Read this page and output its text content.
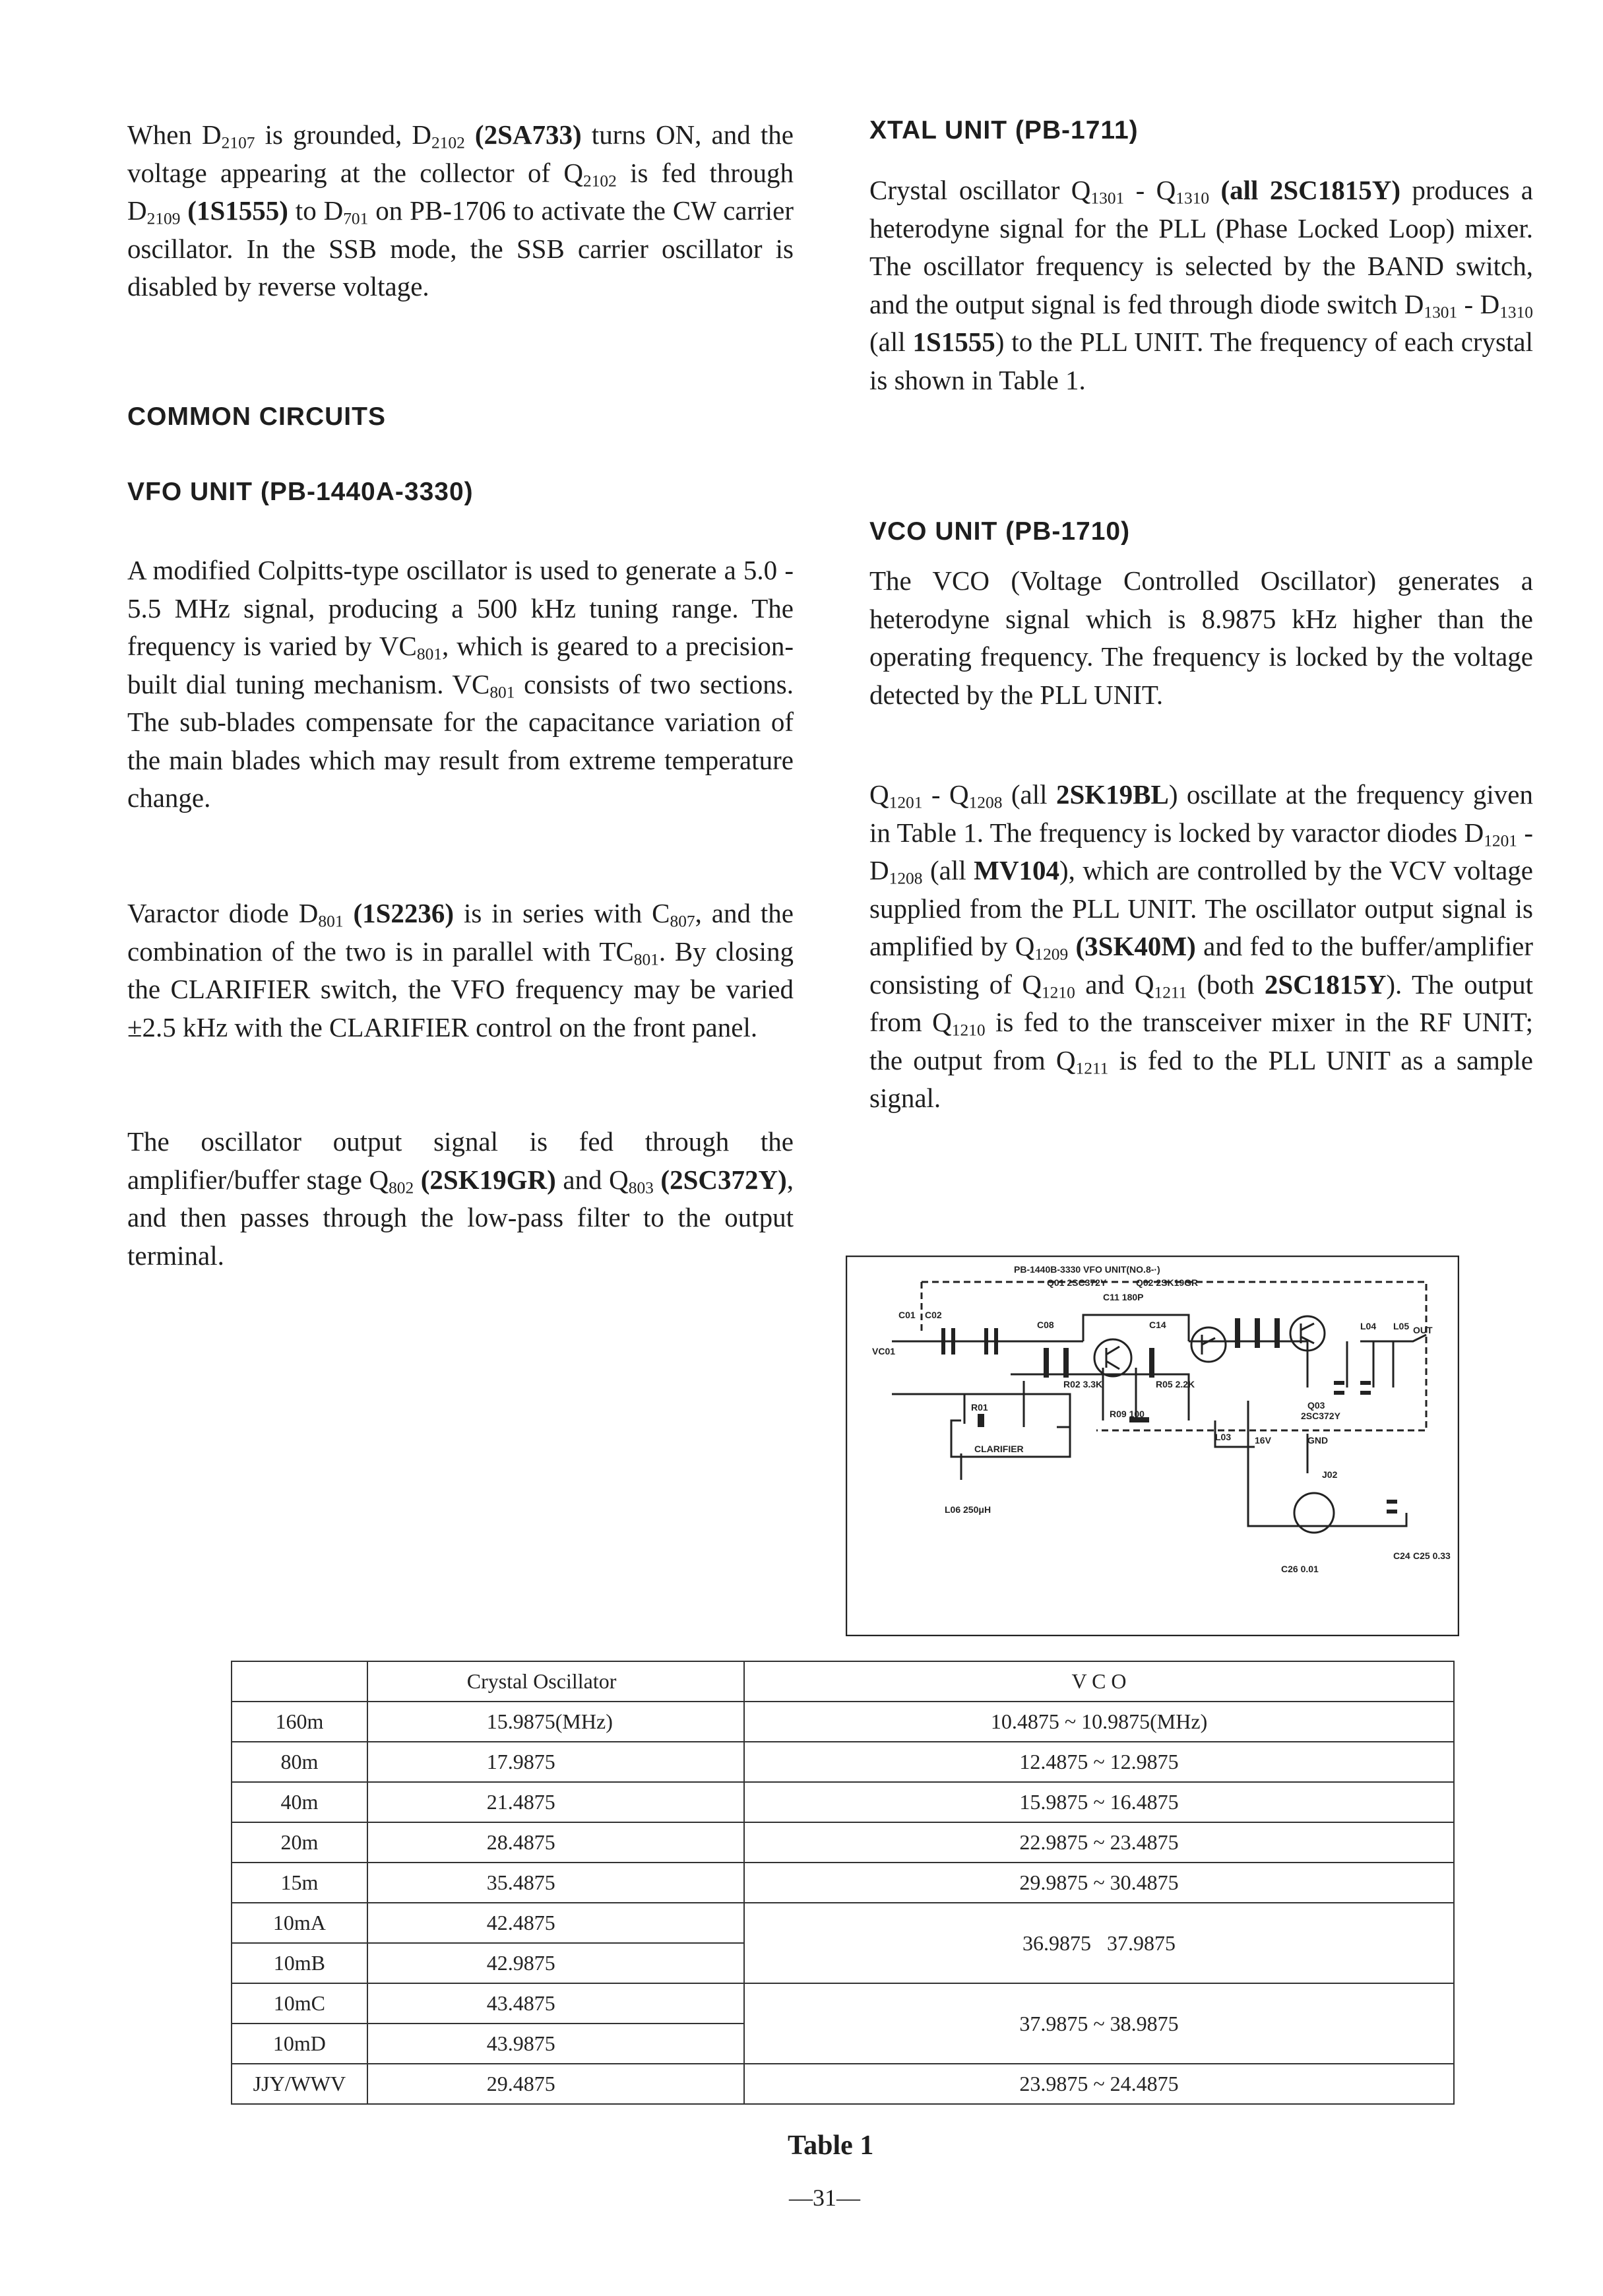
When $D_{2107}$ is grounded, $D_{2102}$ (2SA733) turns ON, and the voltage appearing at the collector of $Q_{2102}$ is fed through $D_{2109}$ (1S1555) to $D_{701}$ on PB-1706 to activate the CW carrier oscillator. In the SSB mode, the SSB carrier oscillator is disabled by reverse voltage.

COMMON CIRCUITS
VFO UNIT (PB-1440A-3330)

A modified Colpitts-type oscillator is used to generate a 5.0 - 5.5 MHz signal, producing a 500 kHz tuning range. The frequency is varied by $VC_{801}$, which is geared to a precision-built dial tuning mechanism. $VC_{801}$ consists of two sections. The sub-blades compensate for the capacitance variation of the main blades which may result from extreme temperature change.

Varactor diode $D_{801}$ (1S2236) is in series with $C_{807}$, and the combination of the two is in parallel with $TC_{801}$. By closing the CLARIFIER switch, the VFO frequency may be varied ±2.5 kHz with the CLARIFIER control on the front panel.

The oscillator output signal is fed through the amplifier/buffer stage $Q_{802}$ (2SK19GR) and $Q_{803}$ (2SC372Y), and then passes through the low-pass filter to the output terminal.

XTAL UNIT (PB-1711)

Crystal oscillator $Q_{1301} - Q_{1310}$ (all 2SC1815Y) produces a heterodyne signal for the PLL (Phase Locked Loop) mixer. The oscillator frequency is selected by the BAND switch, and the output signal is fed through diode switch $D_{1301} - D_{1310}$ (all 1S1555) to the PLL UNIT. The frequency of each crystal is shown in Table 1.

VCO UNIT (PB-1710)

The VCO (Voltage Controlled Oscillator) generates a heterodyne signal which is 8.9875 kHz higher than the operating frequency. The frequency is locked by the voltage detected by the PLL UNIT.

$Q_{1201} - Q_{1208}$ (all 2SK19BL) oscillate at the frequency given in Table 1. The frequency is locked by varactor diodes $D_{1201} - D_{1208}$ (all MV104), which are controlled by the VCV voltage supplied from the PLL UNIT. The oscillator output signal is amplified by $Q_{1209}$ (3SK40M) and fed to the buffer/amplifier consisting of $Q_{1210}$ and $Q_{1211}$ (both 2SC1815Y). The output from $Q_{1210}$ is fed to the transceiver mixer in the RF UNIT; the output from $Q_{1211}$ is fed to the PLL UNIT as a sample signal.

PB-1440B-3330 VFO UNIT(NO.8-·)
Q01 2SC372Y	Q02 2SK19GR
C11 180P
C01 C02
C08	C14	L04 L05 OUT
VC01
R02 3.3K	R05 2.2K
Q03
2SC372Y
R01
R09 100
L03
CLARIFIER
16V	GND
J02
L06 250μH
C26 0.01
C24 C25 0.33
	Crystal Oscillator	V C O
160m	15.9875(MHz)	10.4875 ~ 10.9875(MHz)
80m	17.9875	12.4875 ~ 12.9875
40m	21.4875	15.9875 ~ 16.4875
20m	28.4875	22.9875 ~ 23.4875
15m	35.4875	29.9875 ~ 30.4875
10mA	42.4875	36.9875   37.9875
10mB	42.9875	
10mC	43.4875	37.9875 ~ 38.9875
10mD	43.9875	
JJY/WWV	29.4875	23.9875 ~ 24.4875
Table 1
—31—
